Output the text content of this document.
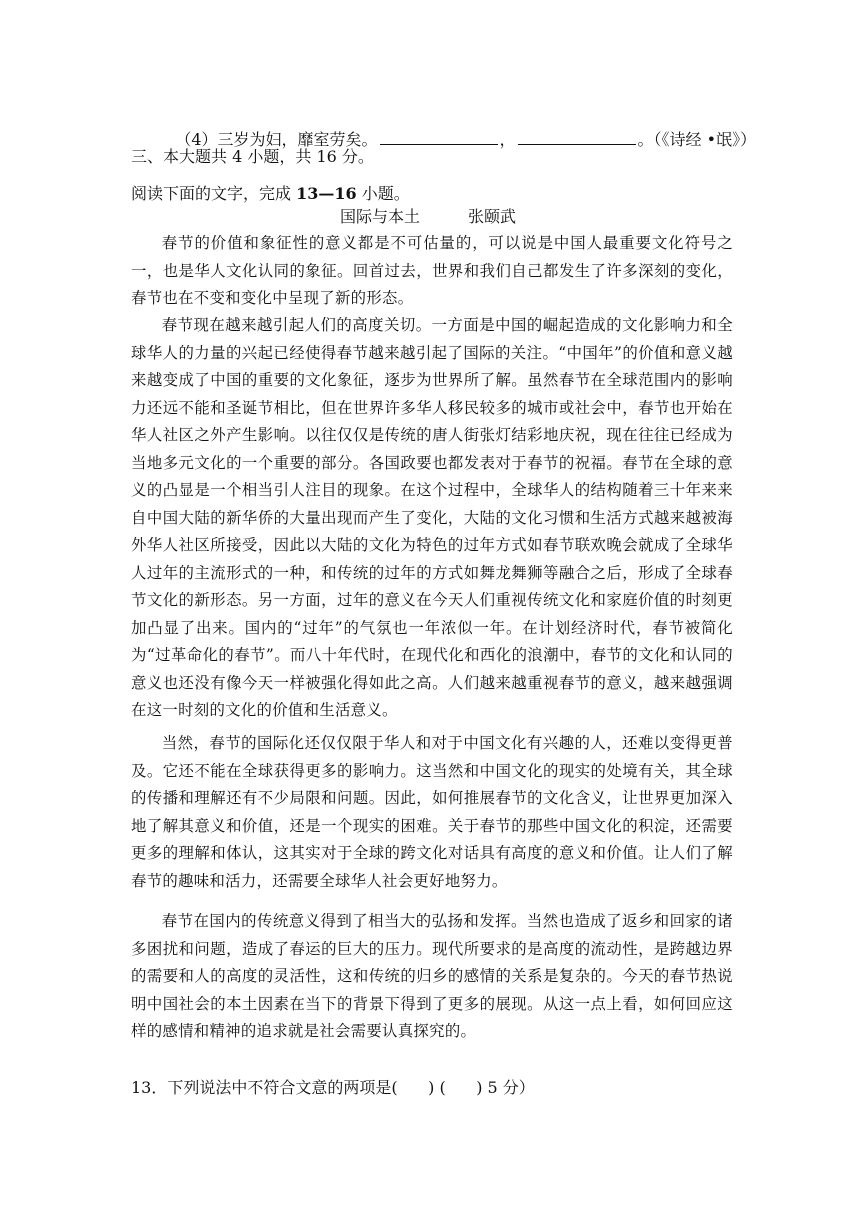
（4）三岁为妇，靡室劳矣。	，	。（《诗经 •氓》）

三、本大题共 4 小题，共 16 分。
阅读下面的文字，完成 13—16 小题。
国际与本土	张颐武

春节的价值和象征性的意义都是不可估量的，可以说是中国人最重要文化符号之一，也是华人文化认同的象征。回首过去，世界和我们自己都发生了许多深刻的变化，春节也在不变和变化中呈现了新的形态。

春节现在越来越引起人们的高度关切。一方面是中国的崛起造成的文化影响力和全球华人的力量的兴起已经使得春节越来越引起了国际的关注。“中国年”的价值和意义越来越变成了中国的重要的文化象征，逐步为世界所了解。虽然春节在全球范围内的影响力还远不能和圣诞节相比，但在世界许多华人移民较多的城市或社会中，春节也开始在华人社区之外产生影响。以往仅仅是传统的唐人街张灯结彩地庆祝，现在往往已经成为当地多元文化的一个重要的部分。各国政要也都发表对于春节的祝福。春节在全球的意义的凸显是一个相当引人注目的现象。在这个过程中，全球华人的结构随着三十年来来自中国大陆的新华侨的大量出现而产生了变化，大陆的文化习惯和生活方式越来越被海外华人社区所接受，因此以大陆的文化为特色的过年方式如春节联欢晚会就成了全球华人过年的主流形式的一种，和传统的过年的方式如舞龙舞狮等融合之后，形成了全球春节文化的新形态。另一方面，过年的意义在今天人们重视传统文化和家庭价值的时刻更加凸显了出来。国内的“过年”的气氛也一年浓似一年。在计划经济时代，春节被简化为“过革命化的春节”。而八十年代时，在现代化和西化的浪潮中，春节的文化和认同的意义也还没有像今天一样被强化得如此之高。人们越来越重视春节的意义，越来越强调在这一时刻的文化的价值和生活意义。

当然，春节的国际化还仅仅限于华人和对于中国文化有兴趣的人，还难以变得更普及。它还不能在全球获得更多的影响力。这当然和中国文化的现实的处境有关，其全球的传播和理解还有不少局限和问题。因此，如何推展春节的文化含义，让世界更加深入地了解其意义和价值，还是一个现实的困难。关于春节的那些中国文化的积淀，还需要更多的理解和体认，这其实对于全球的跨文化对话具有高度的意义和价值。让人们了解春节的趣味和活力，还需要全球华人社会更好地努力。

春节在国内的传统意义得到了相当大的弘扬和发挥。当然也造成了返乡和回家的诸多困扰和问题，造成了春运的巨大的压力。现代所要求的是高度的流动性，是跨越边界的需要和人的高度的灵活性，这和传统的归乡的感情的关系是复杂的。今天的春节热说明中国社会的本土因素在当下的背景下得到了更多的展现。从这一点上看，如何回应这样的感情和精神的追求就是社会需要认真探究的。

13．下列说法中不符合文意的两项是(      ) (      ) 5 分）
